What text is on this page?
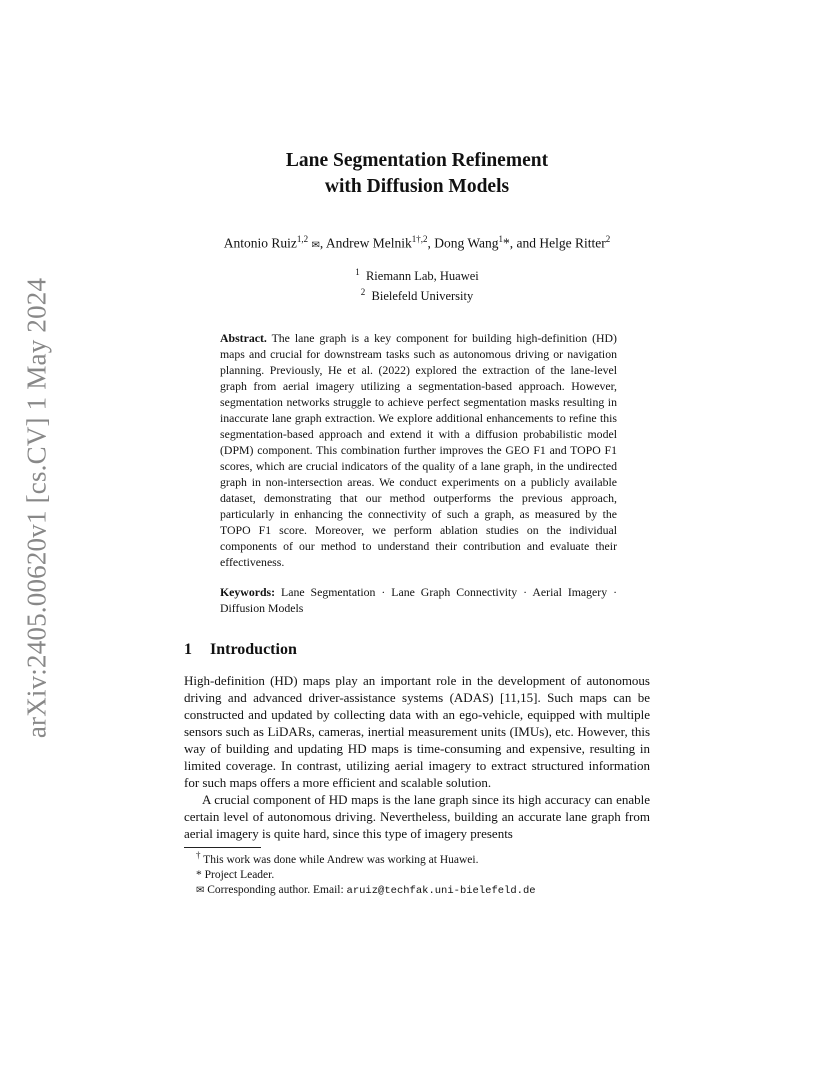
arXiv:2405.00620v1 [cs.CV] 1 May 2024
Lane Segmentation Refinement
with Diffusion Models
Antonio Ruiz$^{1,2}$ ✉, Andrew Melnik$^{1\dagger,2}$, Dong Wang$^1$*, and Helge Ritter$^2$
$^1$ Riemann Lab, Huawei
$^2$ Bielefeld University
Abstract. The lane graph is a key component for building high-definition (HD) maps and crucial for downstream tasks such as autonomous driving or navigation planning. Previously, He et al. (2022) explored the extraction of the lane-level graph from aerial imagery utilizing a segmentation-based approach. However, segmentation networks struggle to achieve perfect segmentation masks resulting in inaccurate lane graph extraction. We explore additional enhancements to refine this segmentation-based approach and extend it with a diffusion probabilistic model (DPM) component. This combination further improves the GEO F1 and TOPO F1 scores, which are crucial indicators of the quality of a lane graph, in the undirected graph in non-intersection areas. We conduct experiments on a publicly available dataset, demonstrating that our method outperforms the previous approach, particularly in enhancing the connectivity of such a graph, as measured by the TOPO F1 score. Moreover, we perform ablation studies on the individual components of our method to understand their contribution and evaluate their effectiveness.
Keywords: Lane Segmentation · Lane Graph Connectivity · Aerial Imagery · Diffusion Models
1 Introduction

High-definition (HD) maps play an important role in the development of autonomous driving and advanced driver-assistance systems (ADAS) [11,15]. Such maps can be constructed and updated by collecting data with an ego-vehicle, equipped with multiple sensors such as LiDARs, cameras, inertial measurement units (IMUs), etc. However, this way of building and updating HD maps is time-consuming and expensive, resulting in limited coverage. In contrast, utilizing aerial imagery to extract structured information for such maps offers a more efficient and scalable solution.

A crucial component of HD maps is the lane graph since its high accuracy can enable certain level of autonomous driving. Nevertheless, building an accurate lane graph from aerial imagery is quite hard, since this type of imagery presents

† This work was done while Andrew was working at Huawei.
* Project Leader.
✉ Corresponding author. Email: aruiz@techfak.uni-bielefeld.de
